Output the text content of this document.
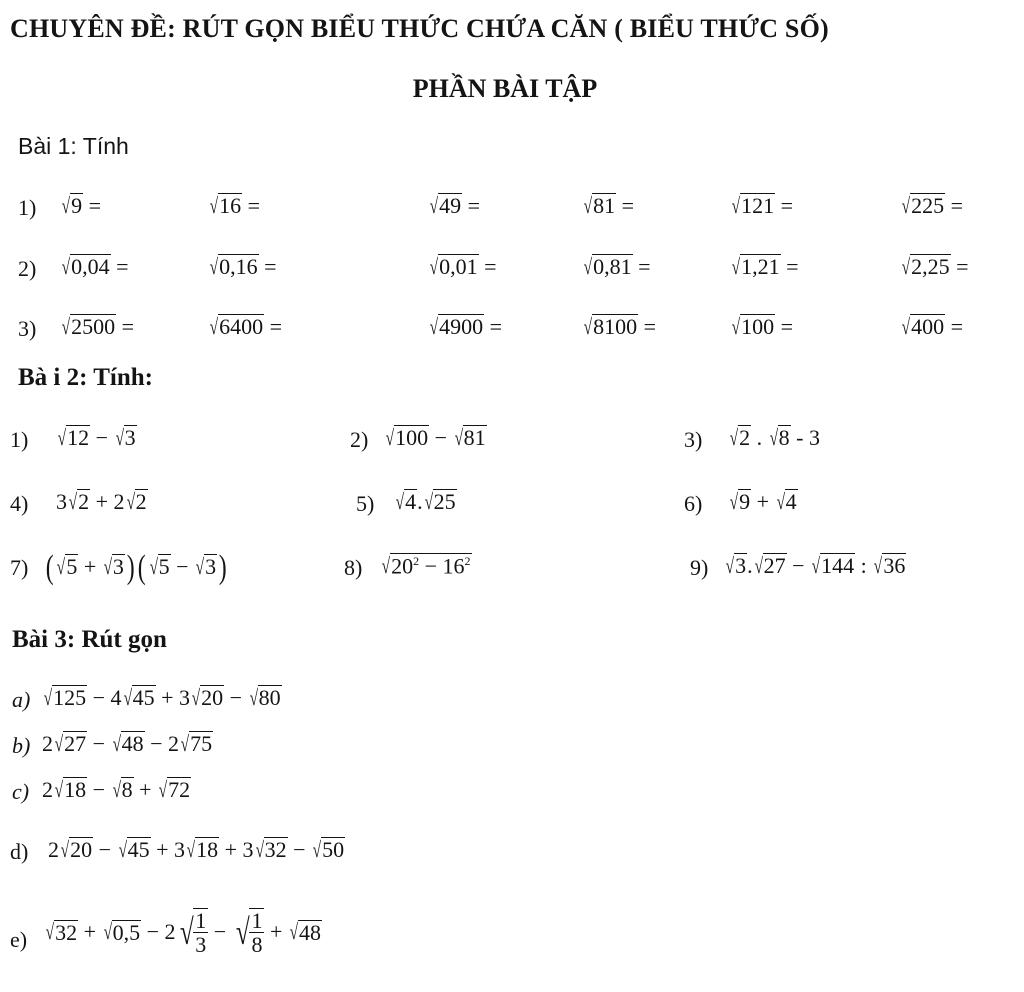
CHUYÊN ĐỀ: RÚT GỌN BIỂU THỨC CHỨA CĂN ( BIỂU THỨC SỐ)
PHẦN BÀI TẬP
Bài 1: Tính
1) √9 =	√16 =	√49 =	√81 =	√121 =	√225 =
2) √0,04 =	√0,16 =	√0,01 =	√0,81 =	√1,21 =	√2,25 =
3) √2500 =	√6400 =	√4900 =	√8100 =	√100 =	√400 =
Bà i 2: Tính:
1) √12 − √3	2) √100 − √81	3) √2 . √8 - 3
4) 3√2 + 2√2	5) √4.√25	6) √9 + √4
7) ( √5 + √3)( √5 − √3)	8) $√20^2 - 16^2$	9) √3.√27 − √144 : √36
Bài 3: Rút gọn
a) √125 − 4√45 + 3√20 − √80
b) 2√27 − √48 − 2√75
c) 2√18 − √8 + √72
d) 2√20 − √45 + 3√18 + 3√32 − √50
e) √ 32 + √ 0,5 − 2 √ $\frac{1}{3}$ − √ $\frac{1}{8}$ + √ 48
